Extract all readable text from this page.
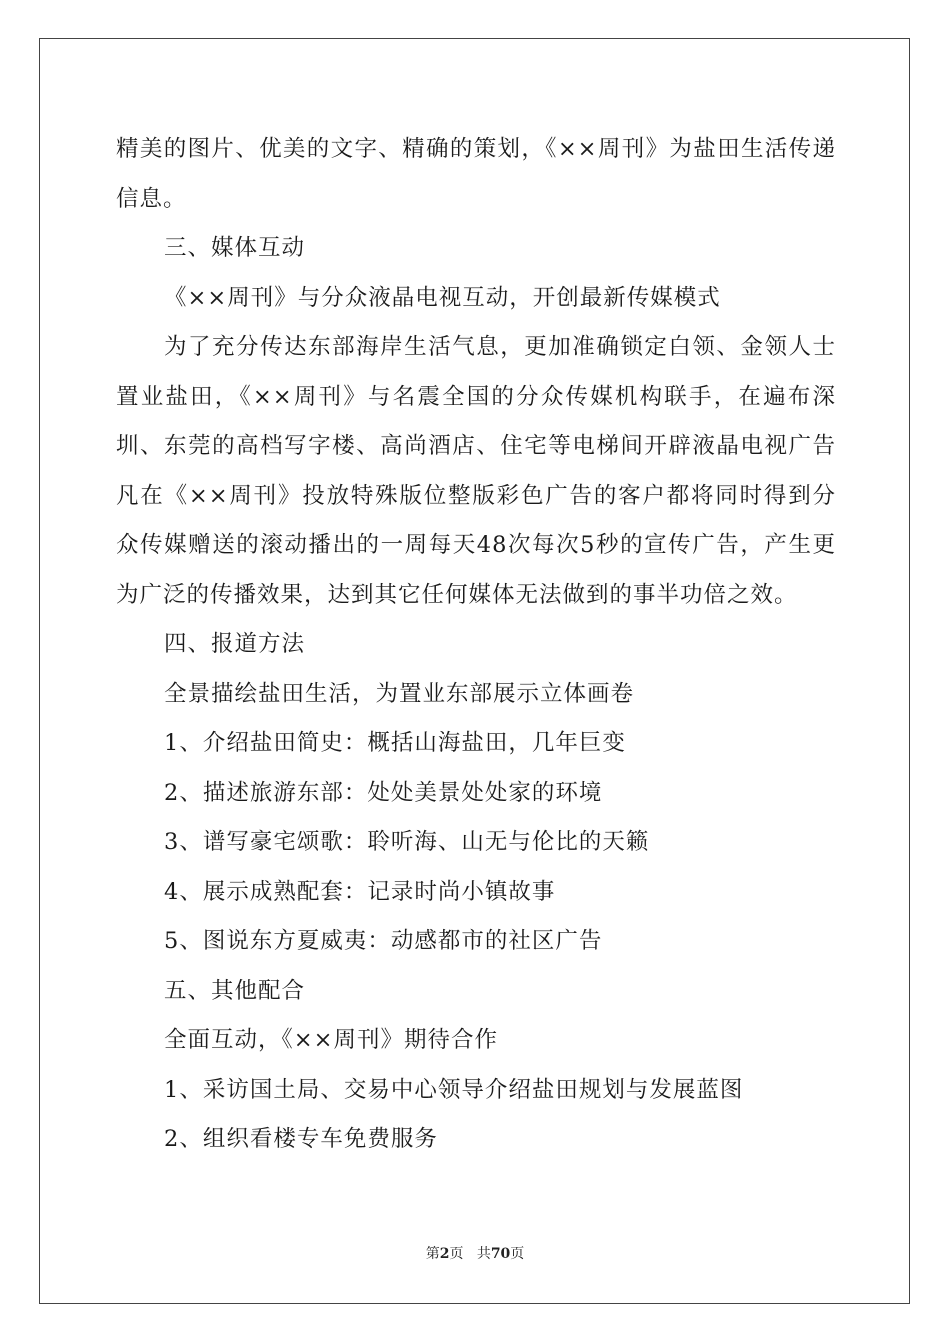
精美的图片、优美的文字、精确的策划，《××周刊》为盐田生活传递信息。

三、媒体互动

《××周刊》与分众液晶电视互动，开创最新传媒模式

为了充分传达东部海岸生活气息，更加准确锁定白领、金领人士置业盐田，《××周刊》与名震全国的分众传媒机构联手，在遍布深圳、东莞的高档写字楼、高尚酒店、住宅等电梯间开辟液晶电视广告凡在《××周刊》投放特殊版位整版彩色广告的客户都将同时得到分众传媒赠送的滚动播出的一周每天48次每次5秒的宣传广告，产生更为广泛的传播效果，达到其它任何媒体无法做到的事半功倍之效。

四、报道方法

全景描绘盐田生活，为置业东部展示立体画卷

1、介绍盐田简史：概括山海盐田，几年巨变

2、描述旅游东部：处处美景处处家的环境

3、谱写豪宅颂歌：聆听海、山无与伦比的天籁

4、展示成熟配套：记录时尚小镇故事

5、图说东方夏威夷：动感都市的社区广告

五、其他配合

全面互动，《××周刊》期待合作

1、采访国土局、交易中心领导介绍盐田规划与发展蓝图

2、组织看楼专车免费服务

第2页 共70页
